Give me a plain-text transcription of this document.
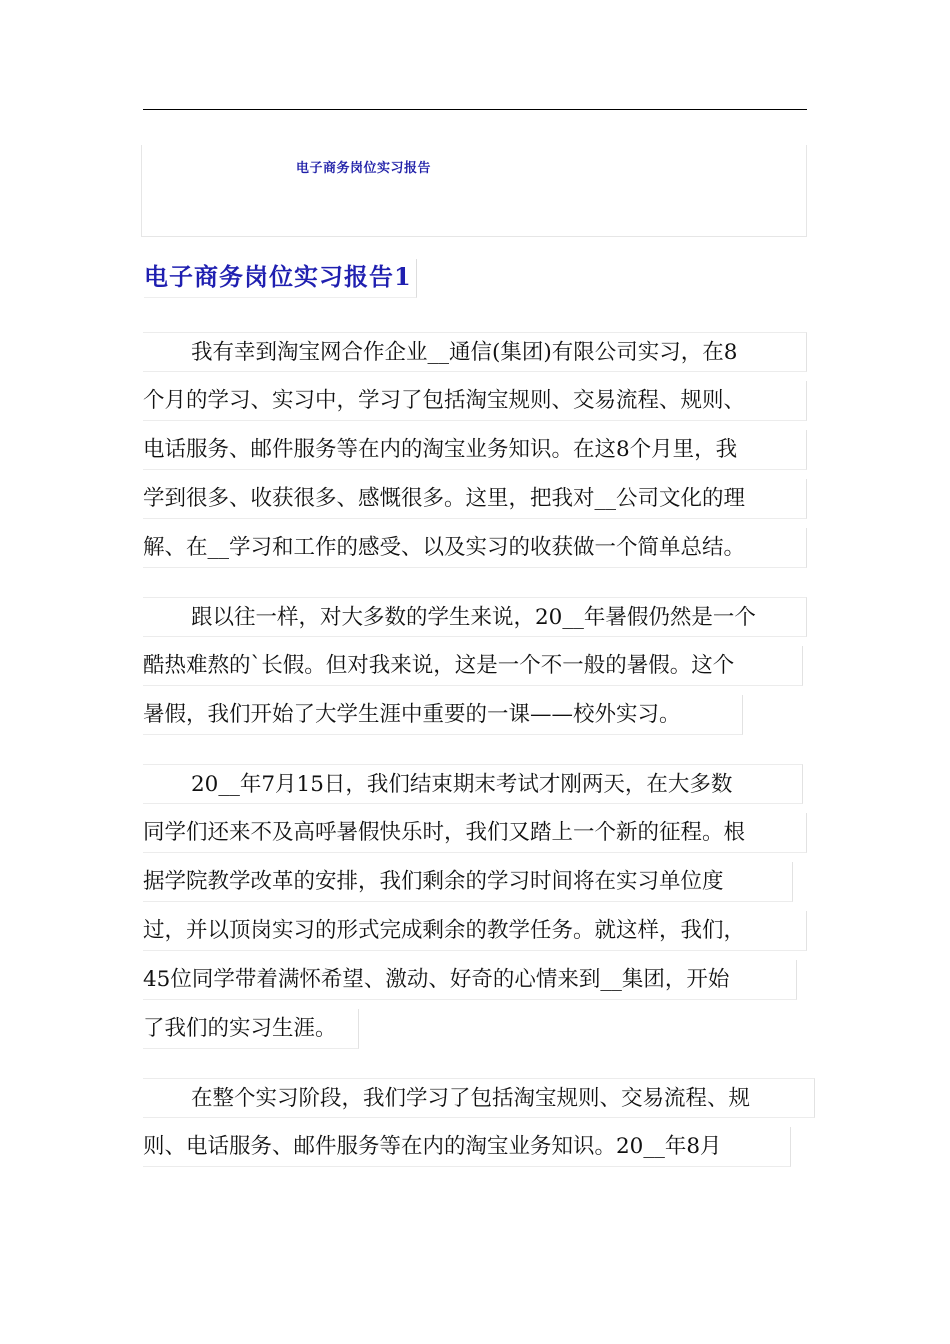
电子商务岗位实习报告
电子商务岗位实习报告1
我有幸到淘宝网合作企业__通信(集团)有限公司实习，在8
个月的学习、实习中，学习了包括淘宝规则、交易流程、规则、
电话服务、邮件服务等在内的淘宝业务知识。在这8个月里，我
学到很多、收获很多、感慨很多。这里，把我对__公司文化的理
解、在__学习和工作的感受、以及实习的收获做一个简单总结。
跟以往一样，对大多数的学生来说，20__年暑假仍然是一个
酷热难熬的`长假。但对我来说，这是一个不一般的暑假。这个
暑假，我们开始了大学生涯中重要的一课——校外实习。
20__年7月15日，我们结束期末考试才刚两天，在大多数
同学们还来不及高呼暑假快乐时，我们又踏上一个新的征程。根
据学院教学改革的安排，我们剩余的学习时间将在实习单位度
过，并以顶岗实习的形式完成剩余的教学任务。就这样，我们，
45位同学带着满怀希望、激动、好奇的心情来到__集团，开始
了我们的实习生涯。
在整个实习阶段，我们学习了包括淘宝规则、交易流程、规
则、电话服务、邮件服务等在内的淘宝业务知识。20__年8月
